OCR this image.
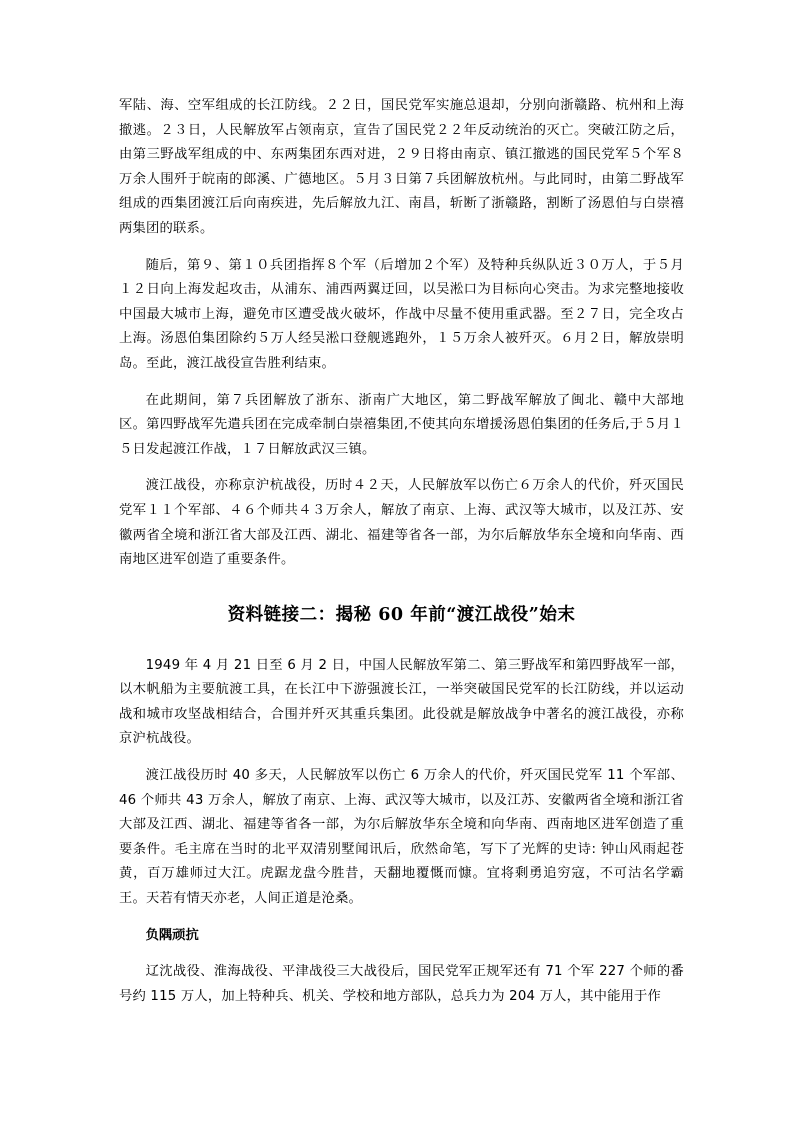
军陆、海、空军组成的长江防线。２２日，国民党军实施总退却，分别向浙赣路、杭州和上海撤逃。２３日，人民解放军占领南京，宣告了国民党２２年反动统治的灭亡。突破江防之后，由第三野战军组成的中、东两集团东西对进，２９日将由南京、镇江撤逃的国民党军５个军８万余人围歼于皖南的郎溪、广德地区。５月３日第７兵团解放杭州。与此同时，由第二野战军组成的西集团渡江后向南疾进，先后解放九江、南昌，斩断了浙赣路，割断了汤恩伯与白崇禧两集团的联系。

随后，第９、第１０兵团指挥８个军（后增加２个军）及特种兵纵队近３０万人，于５月１２日向上海发起攻击，从浦东、浦西两翼迂回，以吴淞口为目标向心突击。为求完整地接收中国最大城市上海，避免市区遭受战火破坏，作战中尽量不使用重武器。至２７日，完全攻占上海。汤恩伯集团除约５万人经吴淞口登舰逃跑外，１５万余人被歼灭。６月２日，解放崇明岛。至此，渡江战役宣告胜利结束。

在此期间，第７兵团解放了浙东、浙南广大地区，第二野战军解放了闽北、赣中大部地区。第四野战军先遣兵团在完成牵制白崇禧集团,不使其向东增援汤恩伯集团的任务后,于５月１５日发起渡江作战，１７日解放武汉三镇。

渡江战役，亦称京沪杭战役，历时４２天，人民解放军以伤亡６万余人的代价，歼灭国民党军１１个军部、４６个师共４３万余人，解放了南京、上海、武汉等大城市，以及江苏、安徽两省全境和浙江省大部及江西、湖北、福建等省各一部，为尔后解放华东全境和向华南、西南地区进军创造了重要条件。

资料链接二：揭秘 60 年前“渡江战役”始末

1949 年 4 月 21 日至 6 月 2 日，中国人民解放军第二、第三野战军和第四野战军一部，以木帆船为主要航渡工具，在长江中下游强渡长江，一举突破国民党军的长江防线，并以运动战和城市攻坚战相结合，合围并歼灭其重兵集团。此役就是解放战争中著名的渡江战役，亦称京沪杭战役。

渡江战役历时 40 多天，人民解放军以伤亡 6 万余人的代价，歼灭国民党军 11 个军部、46 个师共 43 万余人，解放了南京、上海、武汉等大城市，以及江苏、安徽两省全境和浙江省大部及江西、湖北、福建等省各一部，为尔后解放华东全境和向华南、西南地区进军创造了重要条件。毛主席在当时的北平双清别墅闻讯后，欣然命笔，写下了光辉的史诗: 钟山风雨起苍黄，百万雄师过大江。虎踞龙盘今胜昔，天翻地覆慨而慷。宜将剩勇追穷寇，不可沽名学霸王。天若有情天亦老，人间正道是沧桑。

负隅顽抗

辽沈战役、淮海战役、平津战役三大战役后，国民党军正规军还有 71 个军 227 个师的番号约 115 万人，加上特种兵、机关、学校和地方部队，总兵力为 204 万人，其中能用于作
